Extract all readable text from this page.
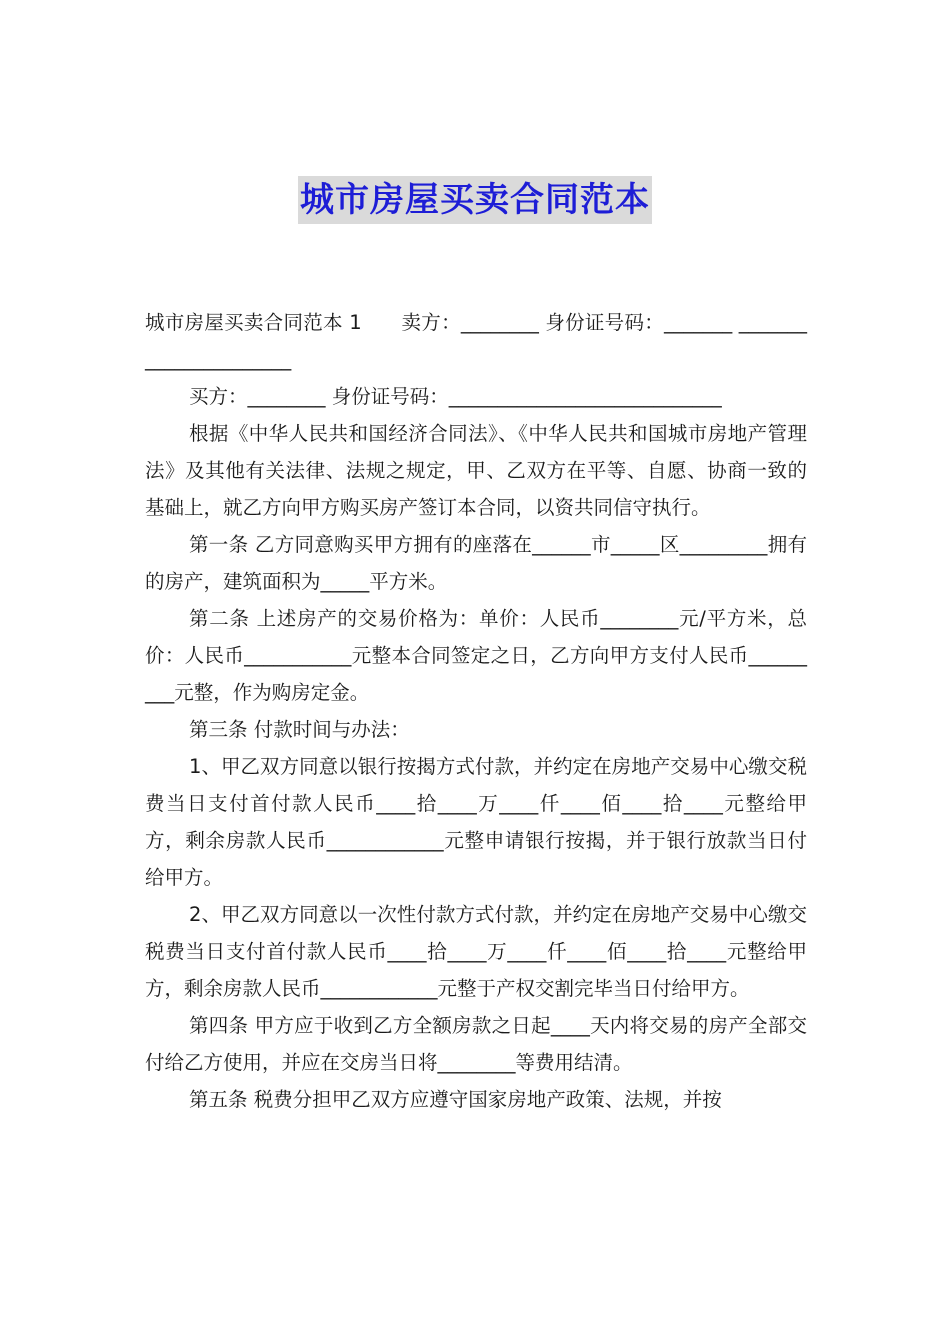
城市房屋买卖合同范本

城市房屋买卖合同范本 1　　卖方：________ 身份证号码：_______ ______________________

买方：________ 身份证号码：____________________________

根据《中华人民共和国经济合同法》、《中华人民共和国城市房地产管理法》及其他有关法律、法规之规定，甲、乙双方在平等、自愿、协商一致的基础上，就乙方向甲方购买房产签订本合同，以资共同信守执行。

第一条 乙方同意购买甲方拥有的座落在______市_____区_________拥有的房产，建筑面积为_____平方米。

第二条 上述房产的交易价格为：单价：人民币________元/平方米，总价：人民币___________元整本合同签定之日，乙方向甲方支付人民币_________元整，作为购房定金。

第三条 付款时间与办法：

1、甲乙双方同意以银行按揭方式付款，并约定在房地产交易中心缴交税费当日支付首付款人民币____拾____万____仟____佰____拾____元整给甲方，剩余房款人民币____________元整申请银行按揭，并于银行放款当日付给甲方。

2、甲乙双方同意以一次性付款方式付款，并约定在房地产交易中心缴交税费当日支付首付款人民币____拾____万____仟____佰____拾____元整给甲方，剩余房款人民币____________元整于产权交割完毕当日付给甲方。

第四条 甲方应于收到乙方全额房款之日起____天内将交易的房产全部交付给乙方使用，并应在交房当日将________等费用结清。

第五条 税费分担甲乙双方应遵守国家房地产政策、法规，并按
